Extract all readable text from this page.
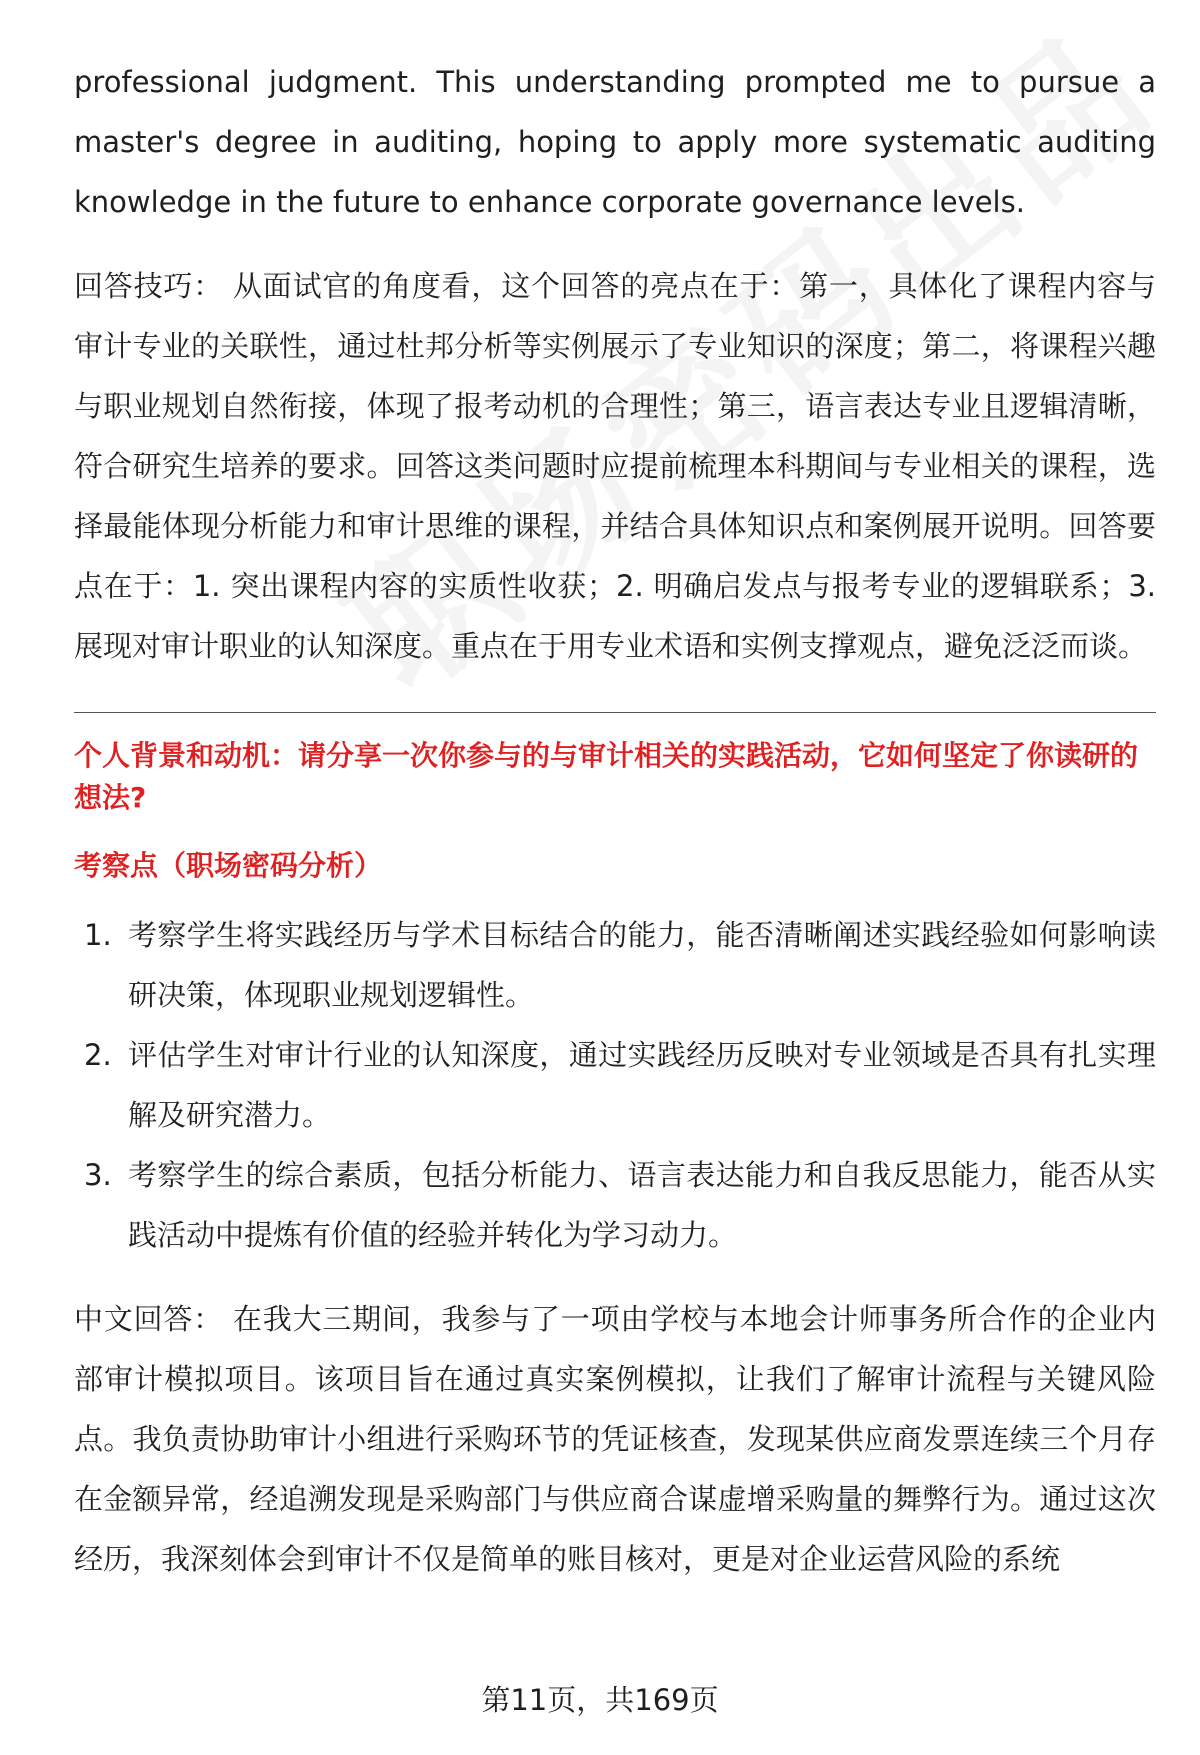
professional judgment. This understanding prompted me to pursue a master's degree in auditing, hoping to apply more systematic auditing knowledge in the future to enhance corporate governance levels.

回答技巧： 从面试官的角度看，这个回答的亮点在于：第一，具体化了课程内容与审计专业的关联性，通过杜邦分析等实例展示了专业知识的深度；第二，将课程兴趣与职业规划自然衔接，体现了报考动机的合理性；第三，语言表达专业且逻辑清晰，符合研究生培养的要求。回答这类问题时应提前梳理本科期间与专业相关的课程，选择最能体现分析能力和审计思维的课程，并结合具体知识点和案例展开说明。回答要点在于：1. 突出课程内容的实质性收获；2. 明确启发点与报考专业的逻辑联系；3. 展现对审计职业的认知深度。重点在于用专业术语和实例支撑观点，避免泛泛而谈。

个人背景和动机：请分享一次你参与的与审计相关的实践活动，它如何坚定了你读研的想法?
考察点（职场密码分析）
1. 考察学生将实践经历与学术目标结合的能力，能否清晰阐述实践经验如何影响读研决策，体现职业规划逻辑性。
2. 评估学生对审计行业的认知深度，通过实践经历反映对专业领域是否具有扎实理解及研究潜力。
3. 考察学生的综合素质，包括分析能力、语言表达能力和自我反思能力，能否从实践活动中提炼有价值的经验并转化为学习动力。

中文回答： 在我大三期间，我参与了一项由学校与本地会计师事务所合作的企业内部审计模拟项目。该项目旨在通过真实案例模拟，让我们了解审计流程与关键风险点。我负责协助审计小组进行采购环节的凭证核查，发现某供应商发票连续三个月存在金额异常，经追溯发现是采购部门与供应商合谋虚增采购量的舞弊行为。通过这次经历，我深刻体会到审计不仅是简单的账目核对，更是对企业运营风险的系统

第11页，共169页
